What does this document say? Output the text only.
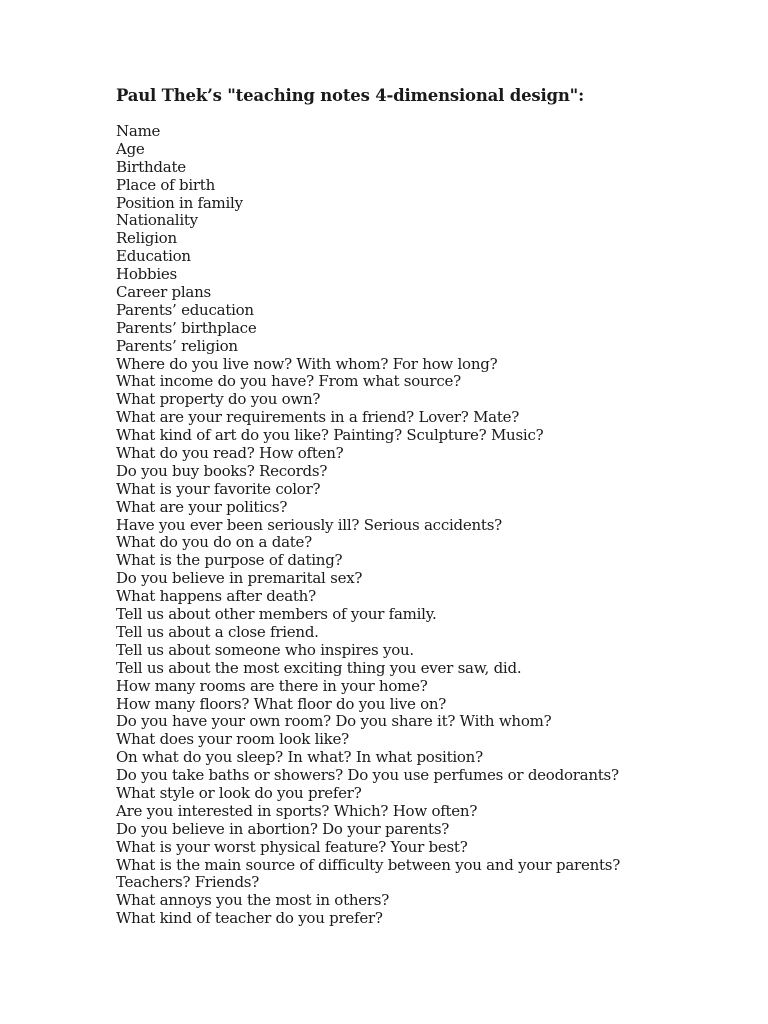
Paul Thek’s "teaching notes 4-dimensional design":
Name
Age
Birthdate
Place of birth
Position in family
Nationality
Religion
Education
Hobbies
Career plans
Parents’ education
Parents’ birthplace
Parents’ religion
Where do you live now? With whom? For how long?
What income do you have? From what source?
What property do you own?
What are your requirements in a friend? Lover? Mate?
What kind of art do you like? Painting? Sculpture? Music?
What do you read? How often?
Do you buy books? Records?
What is your favorite color?
What are your politics?
Have you ever been seriously ill? Serious accidents?
What do you do on a date?
What is the purpose of dating?
Do you believe in premarital sex?
What happens after death?
Tell us about other members of your family.
Tell us about a close friend.
Tell us about someone who inspires you.
Tell us about the most exciting thing you ever saw, did.
How many rooms are there in your home?
How many floors? What floor do you live on?
Do you have your own room? Do you share it? With whom?
What does your room look like?
On what do you sleep? In what? In what position?
Do you take baths or showers? Do you use perfumes or deodorants?
What style or look do you prefer?
Are you interested in sports? Which? How often?
Do you believe in abortion? Do your parents?
What is your worst physical feature? Your best?
What is the main source of difficulty between you and your parents?
Teachers? Friends?
What annoys you the most in others?
What kind of teacher do you prefer?
